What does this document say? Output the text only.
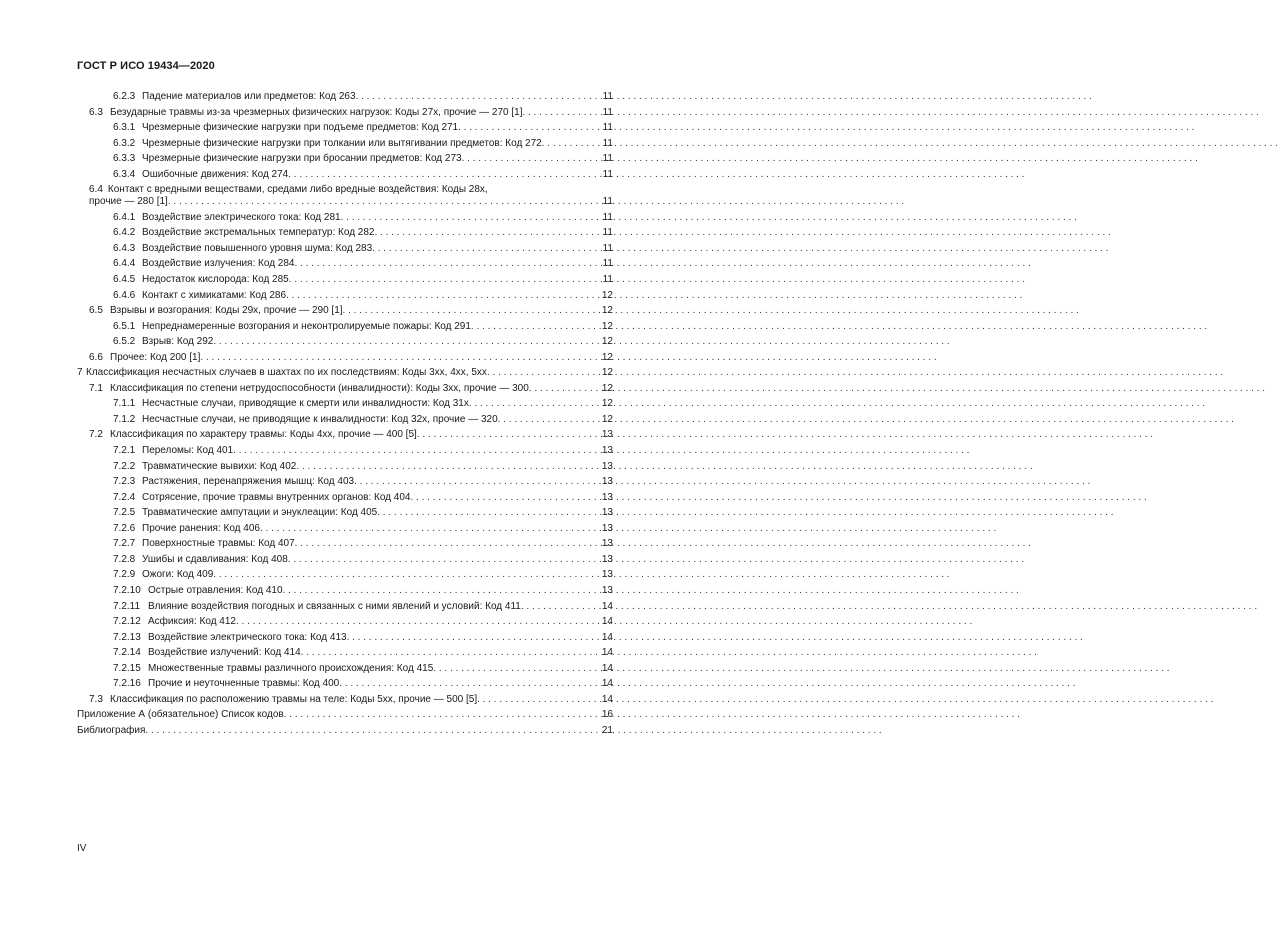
ГОСТ Р ИСО 19434—2020
6.2.3 Падение материалов или предметов: Код 263 . . .	11
6.3 Безударные травмы из-за чрезмерных физических нагрузок: Коды 27х, прочие — 270 [1] . . .	11
6.3.1 Чрезмерные физические нагрузки при подъеме предметов: Код 271 . . .	11
6.3.2 Чрезмерные физические нагрузки при толкании или вытягивании предметов: Код 272 . . .	11
6.3.3 Чрезмерные физические нагрузки при бросании предметов: Код 273 . . .	11
6.3.4 Ошибочные движения: Код 274 . . .	11
6.4 Контакт с вредными веществами, средами либо вредные воздействия: Коды 28х,
прочие — 280 [1] . . .	11
6.4.1 Воздействие электрического тока: Код 281 . . .	11
6.4.2 Воздействие экстремальных температур: Код 282 . . .	11
6.4.3 Воздействие повышенного уровня шума: Код 283 . . .	11
6.4.4 Воздействие излучения: Код 284 . . .	11
6.4.5 Недостаток кислорода: Код 285 . . .	11
6.4.6 Контакт с химикатами: Код 286 . . .	12
6.5 Взрывы и возгорания: Коды 29х, прочие — 290 [1] . . .	12
6.5.1 Непреднамеренные возгорания и неконтролируемые пожары: Код 291 . . .	12
6.5.2 Взрыв: Код 292 . . .	12
6.6 Прочее: Код 200 [1] . . .	12
7 Классификация несчастных случаев в шахтах по их последствиям: Коды 3хх, 4хх, 5хх . . .	12
7.1 Классификация по степени нетрудоспособности (инвалидности): Коды 3хх, прочие — 300 . . .	12
7.1.1 Несчастные случаи, приводящие к смерти или инвалидности: Код 31х . . .	12
7.1.2 Несчастные случаи, не приводящие к инвалидности: Код 32х, прочие — 320 . . .	12
7.2 Классификация по характеру травмы: Коды 4хх, прочие — 400 [5] . . .	13
7.2.1 Переломы: Код 401 . . .	13
7.2.2 Травматические вывихи: Код 402 . . .	13
7.2.3 Растяжения, перенапряжения мышц: Код 403 . . .	13
7.2.4 Сотрясение, прочие травмы внутренних органов: Код 404 . . .	13
7.2.5 Травматические ампутации и энуклеации: Код 405 . . .	13
7.2.6 Прочие ранения: Код 406 . . .	13
7.2.7 Поверхностные травмы: Код 407 . . .	13
7.2.8 Ушибы и сдавливания: Код 408 . . .	13
7.2.9 Ожоги: Код 409 . . .	13
7.2.10 Острые отравления: Код 410 . . .	13
7.2.11 Влияние воздействия погодных и связанных с ними явлений и условий: Код 411 . . .	14
7.2.12 Асфиксия: Код 412 . . .	14
7.2.13 Воздействие электрического тока: Код 413 . . .	14
7.2.14 Воздействие излучений: Код 414 . . .	14
7.2.15 Множественные травмы различного происхождения: Код 415 . . .	14
7.2.16 Прочие и неуточненные травмы: Код 400 . . .	14
7.3 Классификация по расположению травмы на теле: Коды 5хх, прочие — 500 [5] . . .	14
Приложение А (обязательное) Список кодов . . .	16
Библиография . . .	21
IV
